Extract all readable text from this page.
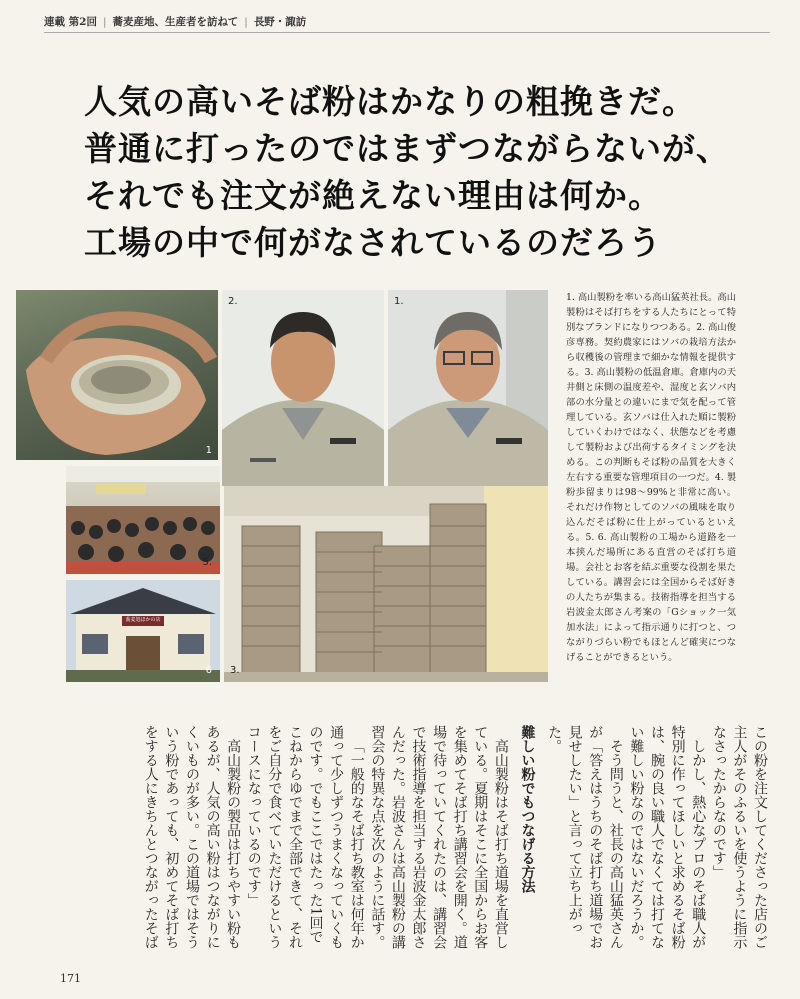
連載 第2回 | 蕎麦産地、生産者を訪ねて | 長野・諏訪
人気の高いそば粉はかなりの粗挽きだ。
普通に打ったのではまずつながらないが、
それでも注文が絶えない理由は何か。
工場の中で何がなされているのだろう
1
2.	1.	1. 高山製粉を率いる高山猛英社長。高山製粉はそば打ちをする人たちにとって特別なブランドになりつつある。2. 高山俊彦専務。契約農家にはソバの栽培方法から収穫後の管理まで細かな情報を提供する。3. 高山製粉の低温倉庫。倉庫内の天井側と床側の温度差や、湿度と玄ソバ内部の水分量との違いにまで気を配って管理している。玄ソバは仕入れた順に製粉していくわけではなく、状態などを考慮して製粉および出荷するタイミングを決める。この判断もそば粉の品質を大きく左右する重要な管理項目の一つだ。4. 製粉歩留まりは98〜99%と非常に高い。それだけ作物としてのソバの風味を取り込んだそば粉に仕上がっているといえる。5. 6. 高山製粉の工場から道路を一本挟んだ場所にある直営のそば打ち道場。会社とお客を結ぶ重要な役割を果たしている。講習会には全国からそば好きの人たちが集まる。技術指導を担当する岩波金太郎さん考案の「Gショック一気加水法」によって指示通りに打つと、つながりづらい粉でもほとんど確実につなげることができるという。
5.
3.
蕎麦処ほかの店
6

この粉を注文してくださった店のご主人がそのふるいを使うように指示なさったからなのです」

しかし、熱心なプロのそば職人が特別に作ってほしいと求めるそば粉は、腕の良い職人でなくては打てない難しい粉なのではないだろうか。

そう問うと、社長の高山猛英さんが「答えはうちのそば打ち道場でお見せしたい」と言って立ち上がった。

難しい粉でもつなげる方法

高山製粉はそば打ち道場を直営している。夏期はそこに全国からお客を集めてそば打ち講習会を開く。道場で待っていてくれたのは、講習会で技術指導を担当する岩波金太郎さんだった。岩波さんは高山製粉の講習会の特異な点を次のように話す。

「一般的なそば打ち教室は何年か通って少しずつうまくなっていくものです。でもここではたった1回でこねからゆでまで全部できて、それをご自分で食べていただけるというコースになっているのです」

高山製粉の製品は打ちやすい粉もあるが、人気の高い粉はつながりにくいものが多い。この道場ではそういう粉であっても、初めてそば打ちをする人にきちんとつながったそば

171
